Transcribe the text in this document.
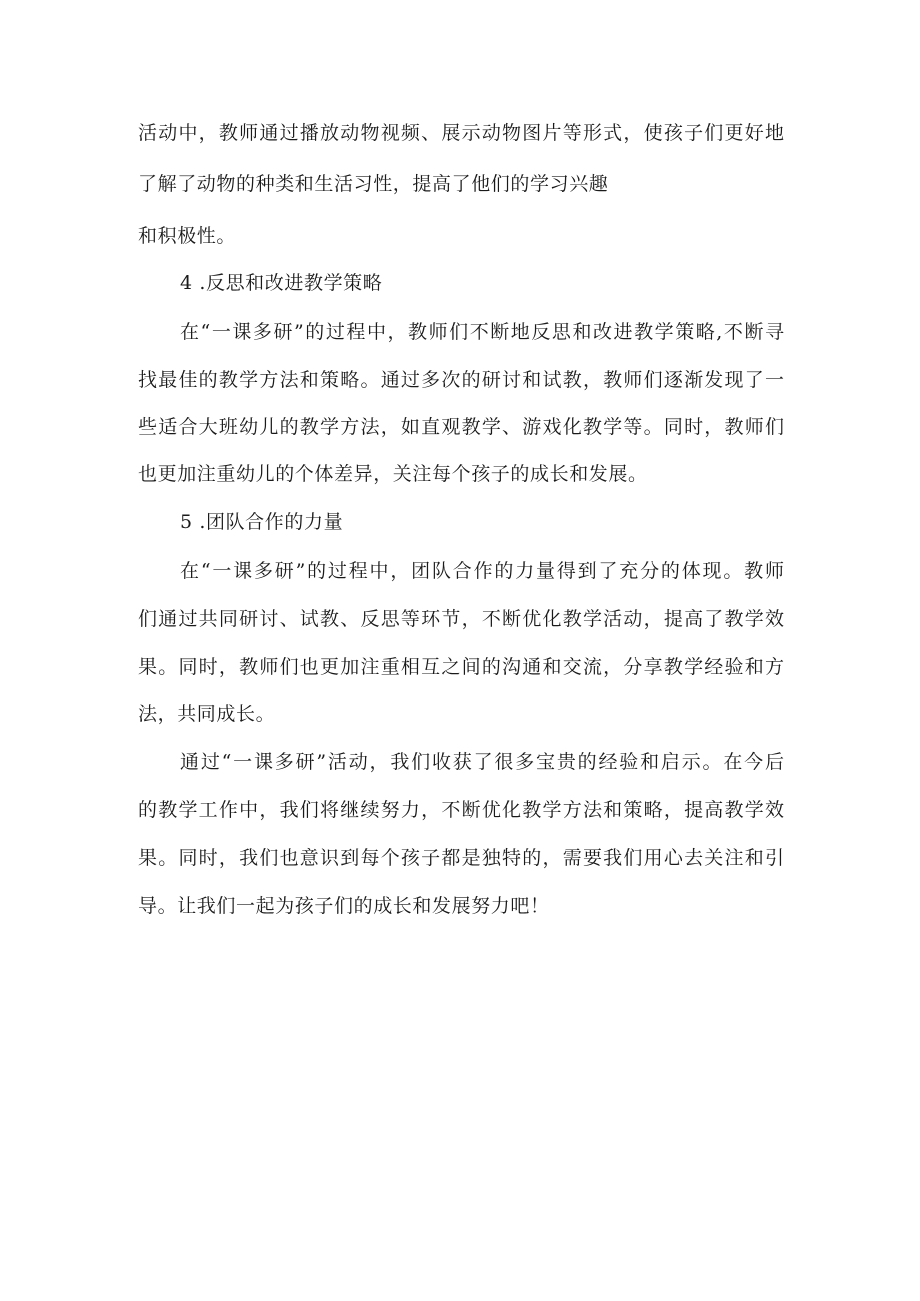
活动中，教师通过播放动物视频、展示动物图片等形式，使孩子们更好地
了解了动物的种类和生活习性，提高了他们的学习兴趣
和积极性。
4 .反思和改进教学策略
在“一课多研”的过程中，教师们不断地反思和改进教学策略,不断寻
找最佳的教学方法和策略。通过多次的研讨和试教，教师们逐渐发现了一
些适合大班幼儿的教学方法，如直观教学、游戏化教学等。同时，教师们
也更加注重幼儿的个体差异，关注每个孩子的成长和发展。
5 .团队合作的力量
在“一课多研”的过程中，团队合作的力量得到了充分的体现。教师
们通过共同研讨、试教、反思等环节，不断优化教学活动，提高了教学效
果。同时，教师们也更加注重相互之间的沟通和交流，分享教学经验和方
法，共同成长。
通过“一课多研”活动，我们收获了很多宝贵的经验和启示。在今后
的教学工作中，我们将继续努力，不断优化教学方法和策略，提高教学效
果。同时，我们也意识到每个孩子都是独特的，需要我们用心去关注和引
导。让我们一起为孩子们的成长和发展努力吧！
